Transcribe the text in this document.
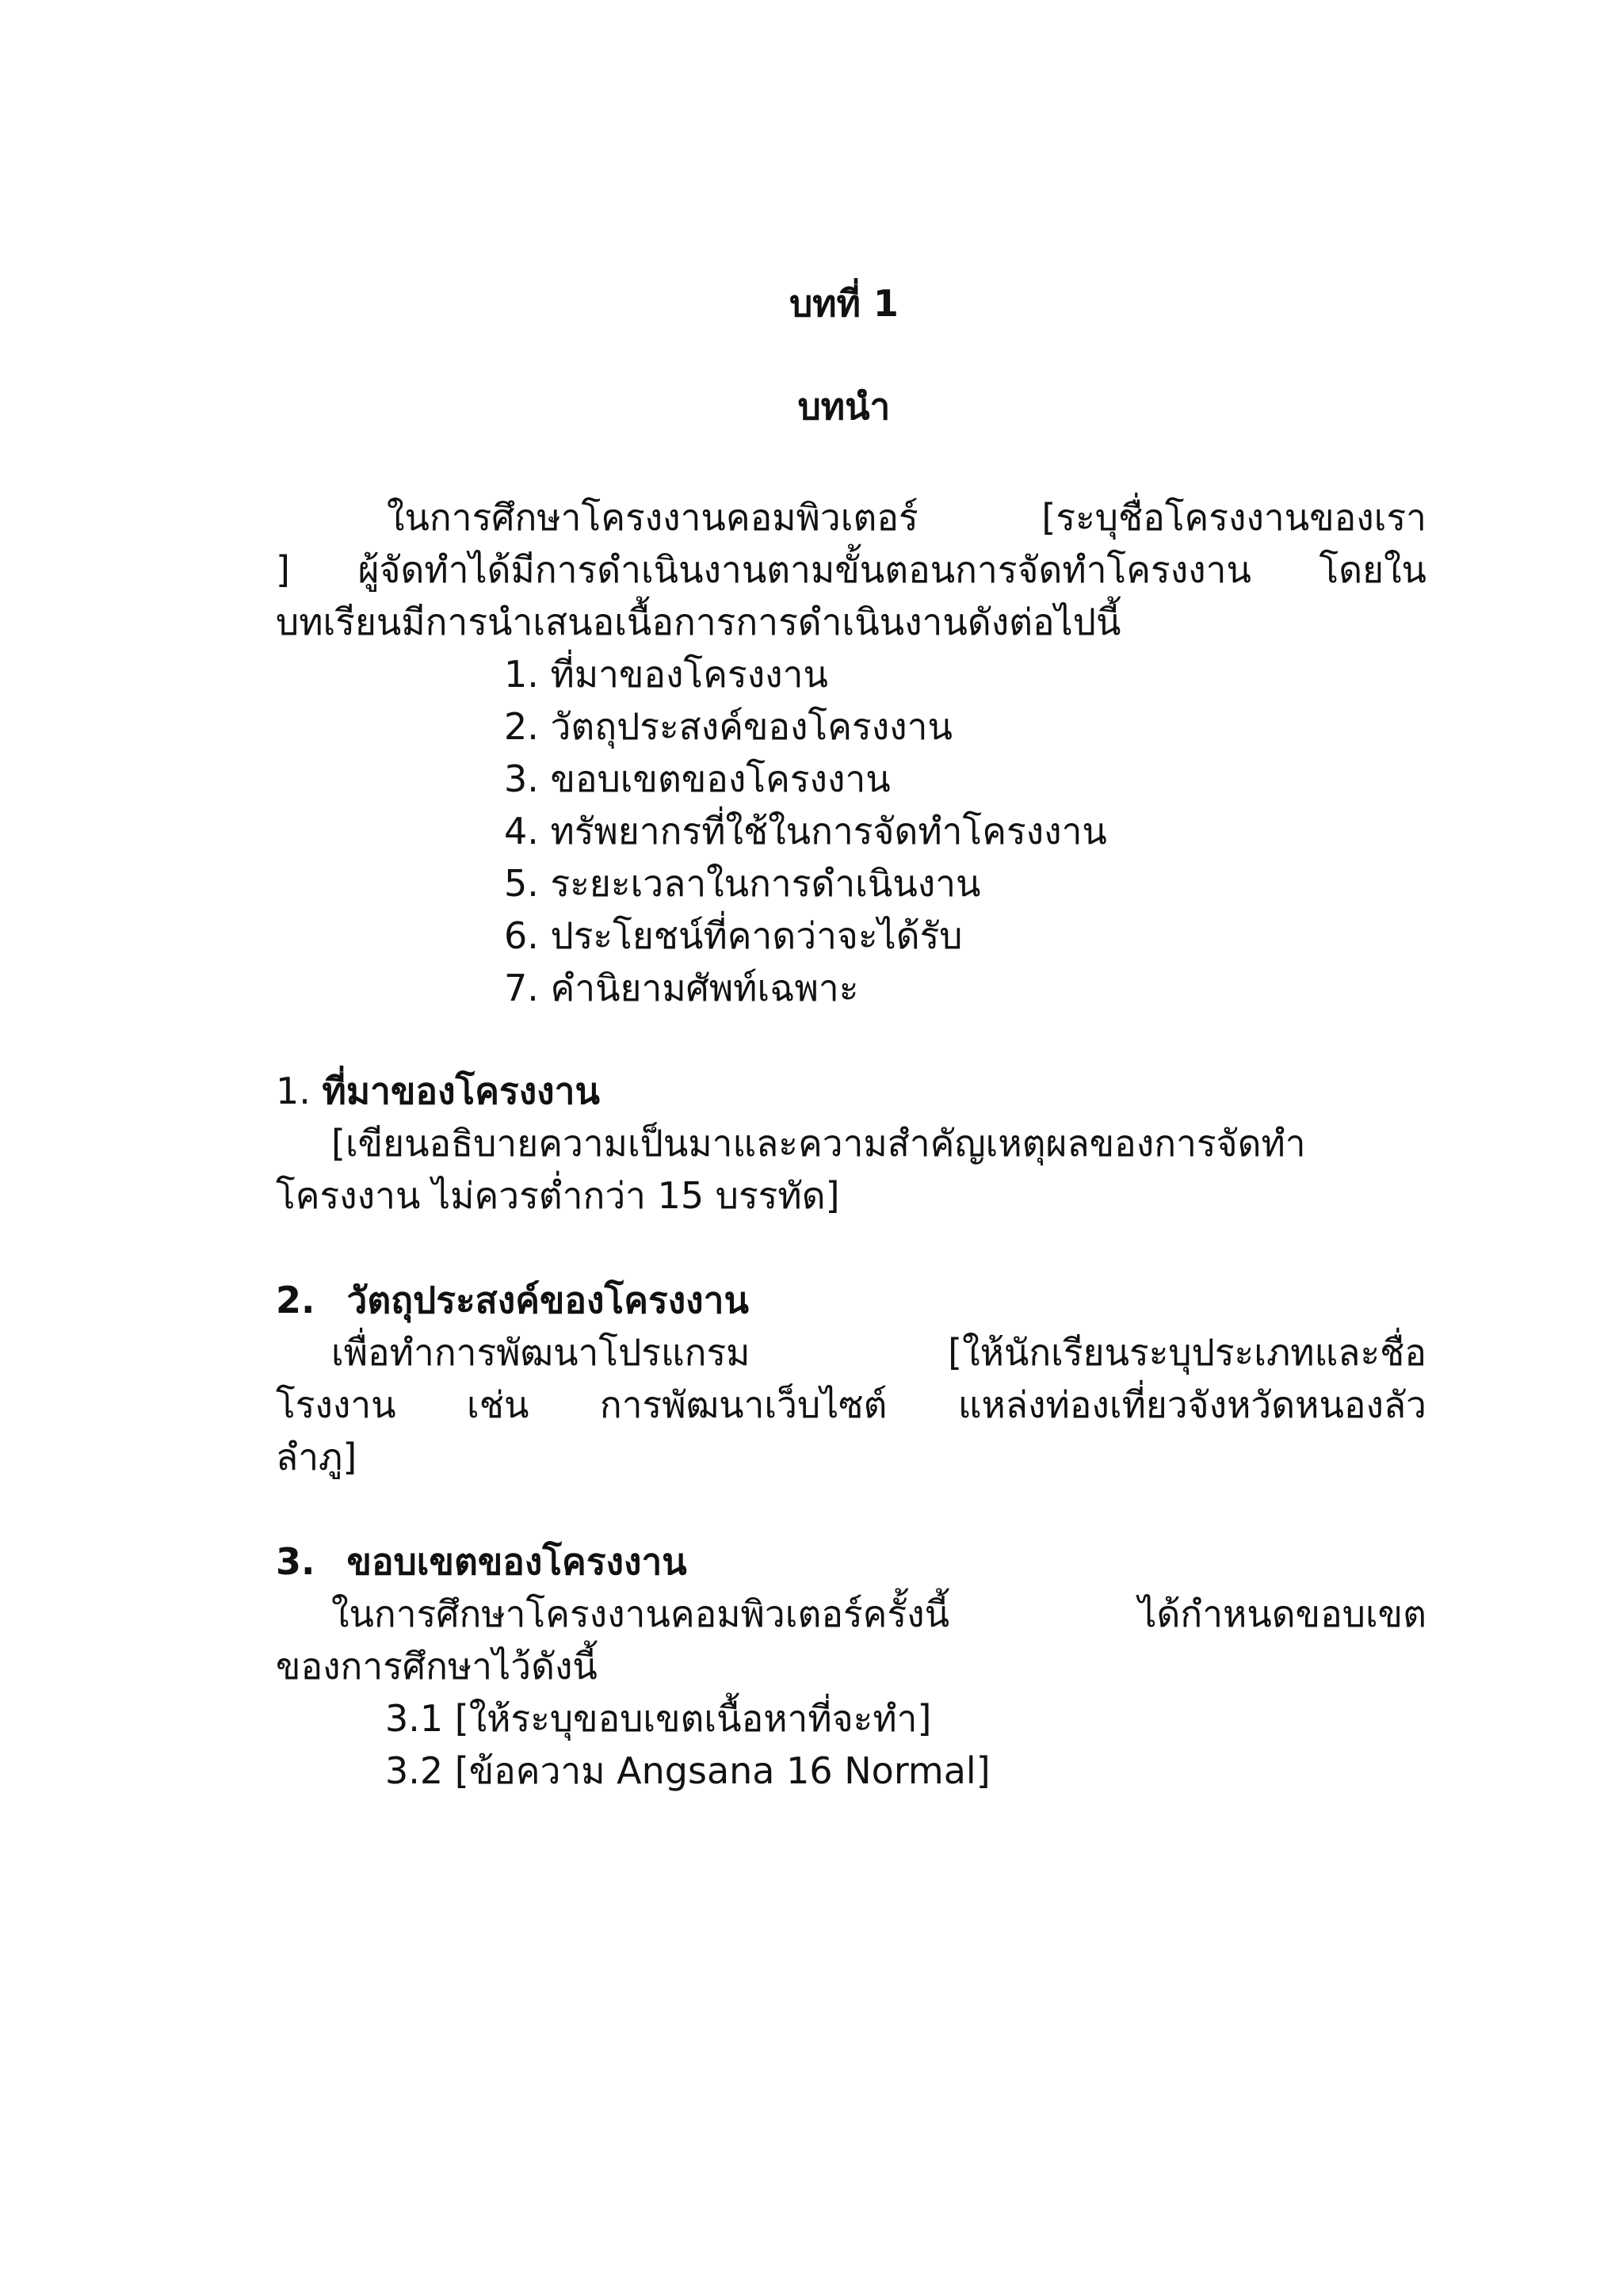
บทที่ 1
บทนำ
ในการศึกษาโครงงานคอมพิวเตอร์ [ระบุชื่อโครงงานของเรา
] ผู้จัดทำได้มีการดำเนินงานตามขั้นตอนการจัดทำโครงงาน โดยใน
บทเรียนมีการนำเสนอเนื้อการการดำเนินงานดังต่อไปนี้
1. ที่มาของโครงงาน
2. วัตถุประสงค์ของโครงงาน
3. ขอบเขตของโครงงาน
4. ทรัพยากรที่ใช้ในการจัดทำโครงงาน
5. ระยะเวลาในการดำเนินงาน
6. ประโยชน์ที่คาดว่าจะได้รับ
7. คำนิยามศัพท์เฉพาะ
1. ที่มาของโครงงาน
[เขียนอธิบายความเป็นมาและความสำคัญเหตุผลของการจัดทำ
โครงงาน ไม่ควรต่ำกว่า 15 บรรทัด]
2. วัตถุประสงค์ของโครงงาน
เพื่อทำการพัฒนาโปรแกรม [ให้นักเรียนระบุประเภทและชื่อ
โรงงาน เช่น การพัฒนาเว็บไซต์ แหล่งท่องเที่ยวจังหวัดหนองลัว
ลำภู]
3. ขอบเขตของโครงงาน
ในการศึกษาโครงงานคอมพิวเตอร์ครั้งนี้ ได้กำหนดขอบเขต
ของการศึกษาไว้ดังนี้
3.1 [ให้ระบุขอบเขตเนื้อหาที่จะทำ]
3.2 [ข้อความ Angsana 16 Normal]
